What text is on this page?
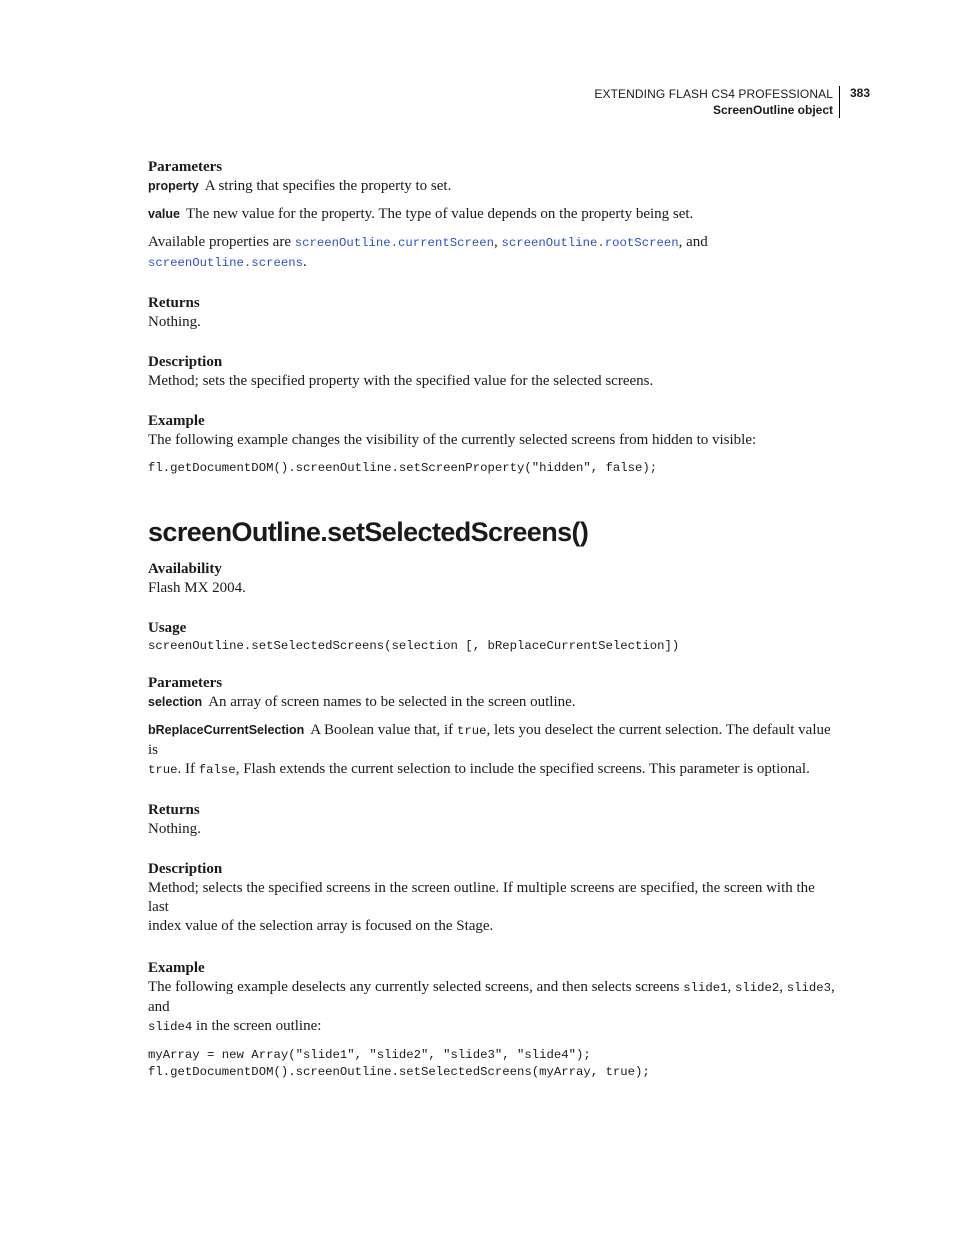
EXTENDING FLASH CS4 PROFESSIONAL
ScreenOutline object
383

Parameters

property A string that specifies the property to set.

value The new value for the property. The type of value depends on the property being set.

Available properties are screenOutline.currentScreen, screenOutline.rootScreen, and
screenOutline.screens.

Returns

Nothing.

Description

Method; sets the specified property with the specified value for the selected screens.

Example

The following example changes the visibility of the currently selected screens from hidden to visible:

fl.getDocumentDOM().screenOutline.setScreenProperty("hidden", false);

screenOutline.setSelectedScreens()

Availability

Flash MX 2004.

Usage

screenOutline.setSelectedScreens(selection [, bReplaceCurrentSelection])

Parameters

selection An array of screen names to be selected in the screen outline.

bReplaceCurrentSelection A Boolean value that, if true, lets you deselect the current selection. The default value is
true. If false, Flash extends the current selection to include the specified screens. This parameter is optional.

Returns

Nothing.

Description

Method; selects the specified screens in the screen outline. If multiple screens are specified, the screen with the last

index value of the selection array is focused on the Stage.

Example

The following example deselects any currently selected screens, and then selects screens slide1, slide2, slide3, and
slide4 in the screen outline:

myArray = new Array("slide1", "slide2", "slide3", "slide4");

fl.getDocumentDOM().screenOutline.setSelectedScreens(myArray, true);
